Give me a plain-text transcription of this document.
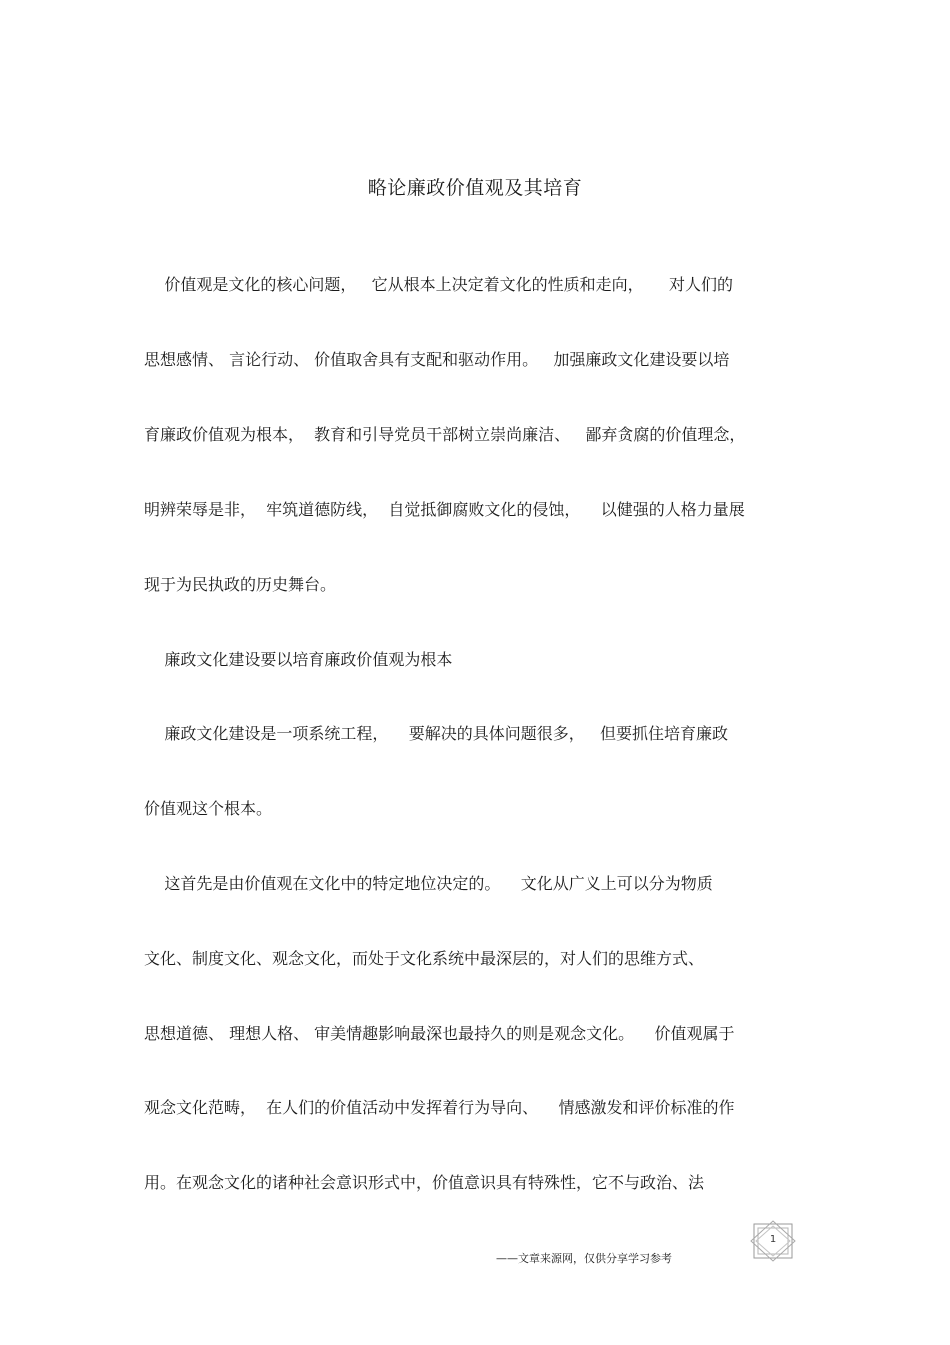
略论廉政价值观及其培育
价值观是文化的核心问题，   它从根本上决定着文化的性质和走向，     对人们的
思想感情、 言论行动、 价值取舍具有支配和驱动作用。   加强廉政文化建设要以培
育廉政价值观为根本，  教育和引导党员干部树立崇尚廉洁、   鄙弃贪腐的价值理念，
明辨荣辱是非，  牢筑道德防线，  自觉抵御腐败文化的侵蚀，    以健强的人格力量展
现于为民执政的历史舞台。
廉政文化建设要以培育廉政价值观为根本
廉政文化建设是一项系统工程，    要解决的具体问题很多，   但要抓住培育廉政
价值观这个根本。
这首先是由价值观在文化中的特定地位决定的。    文化从广义上可以分为物质
文化、制度文化、观念文化，而处于文化系统中最深层的，对人们的思维方式、
思想道德、 理想人格、 审美情趣影响最深也最持久的则是观念文化。    价值观属于
观念文化范畴，  在人们的价值活动中发挥着行为导向、    情感激发和评价标准的作
用。在观念文化的诸种社会意识形式中，价值意识具有特殊性，它不与政治、法
——文章来源网，仅供分享学习参考
1
